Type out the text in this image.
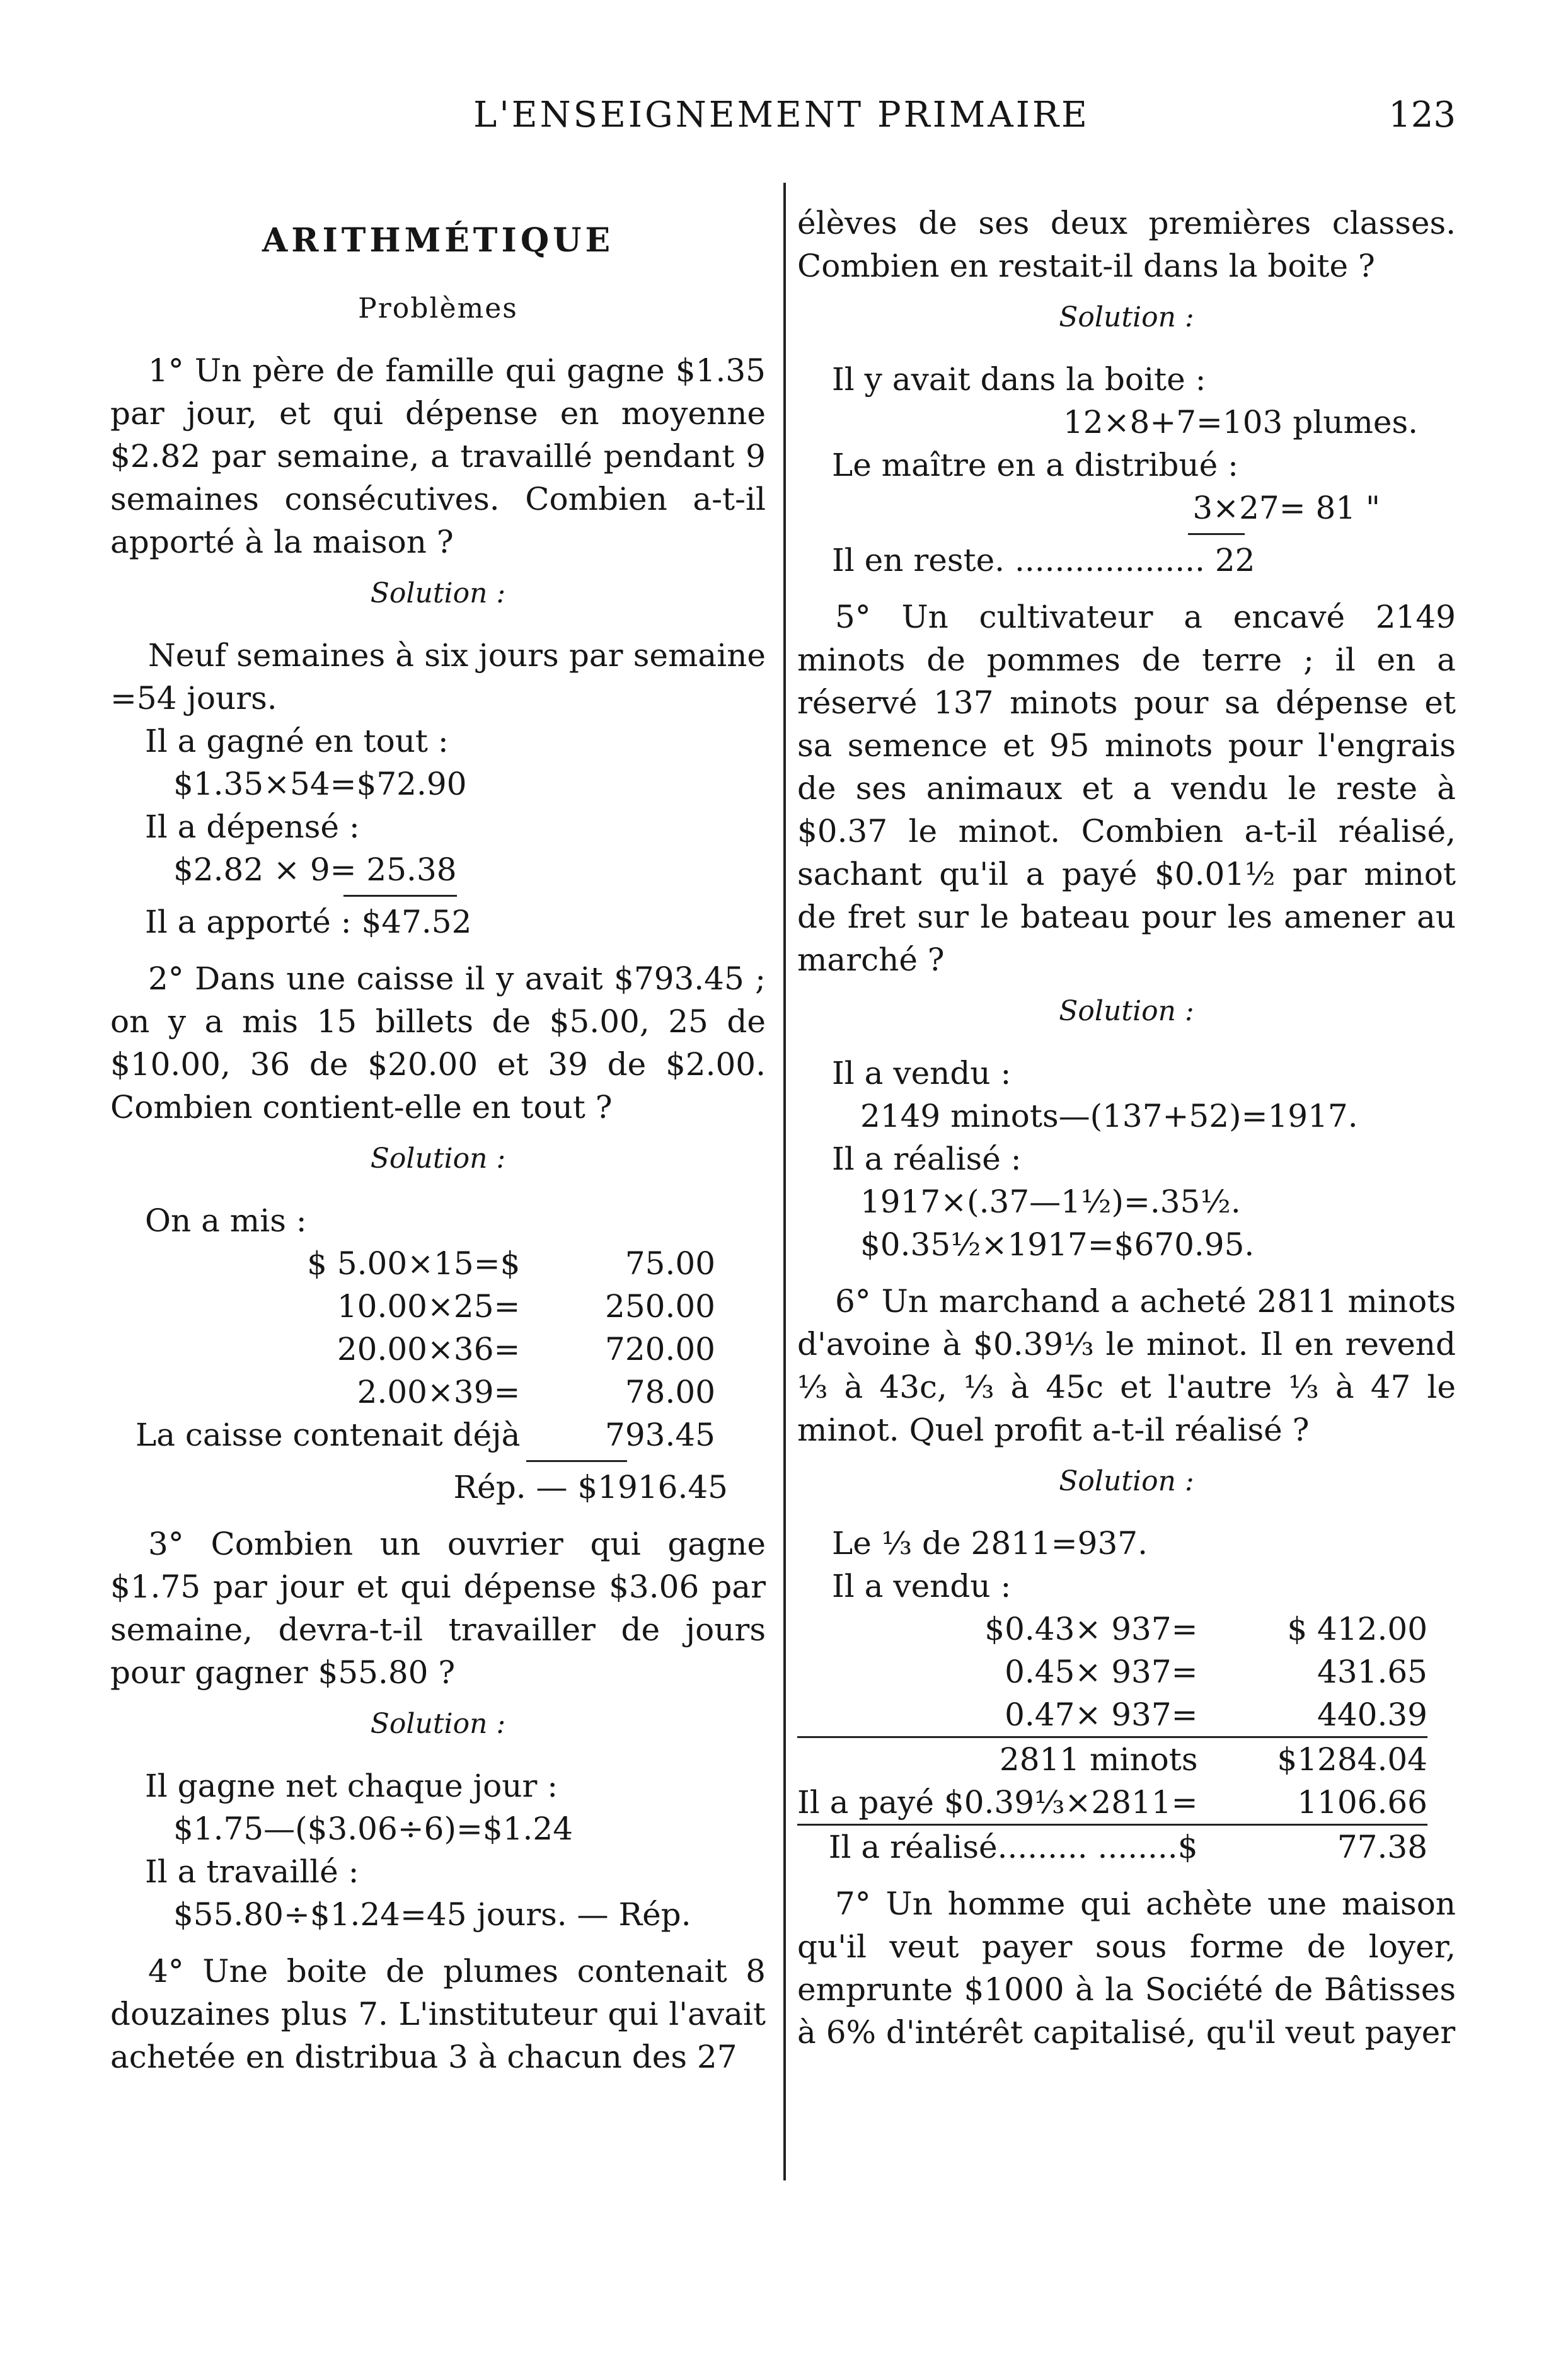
L'ENSEIGNEMENT PRIMAIRE	123

ARITHMÉTIQUE

Problèmes

1° Un père de famille qui gagne $1.35 par jour, et qui dépense en moyenne $2.82 par semaine, a travaillé pendant 9 semaines consécutives. Combien a-t-il apporté à la maison ?

Solution :

Neuf semaines à six jours par semaine =54 jours.

Il a gagné en tout :

$1.35×54=$72.90

Il a dépensé :

$2.82 × 9= 25.38

Il a apporté : $47.52

2° Dans une caisse il y avait $793.45 ; on y a mis 15 billets de $5.00, 25 de $10.00, 36 de $20.00 et 39 de $2.00. Combien contient-elle en tout ?

Solution :

On a mis :

$ 5.00×15=$	75.00
10.00×25=	250.00
20.00×36=	720.00
2.00×39=	78.00
La caisse contenait déjà	793.45

Rép. — $1916.45

3° Combien un ouvrier qui gagne $1.75 par jour et qui dépense $3.06 par semaine, devra-t-il travailler de jours pour gagner $55.80 ?

Solution :

Il gagne net chaque jour :

$1.75—($3.06÷6)=$1.24

Il a travaillé :

$55.80÷$1.24=45 jours. — Rép.

4° Une boite de plumes contenait 8 douzaines plus 7. L'instituteur qui l'avait achetée en distribua 3 à chacun des 27

élèves de ses deux premières classes. Combien en restait-il dans la boite ?

Solution :

Il y avait dans la boite :

12×8+7=103 plumes.

Le maître en a distribué :

3×27= 81 "

Il en reste. ................... 22

5° Un cultivateur a encavé 2149 minots de pommes de terre ; il en a réservé 137 minots pour sa dépense et sa semence et 95 minots pour l'engrais de ses animaux et a vendu le reste à $0.37 le minot. Combien a-t-il réalisé, sachant qu'il a payé $0.01½ par minot de fret sur le bateau pour les amener au marché ?

Solution :

Il a vendu :

2149 minots—(137+52)=1917.

Il a réalisé :

1917×(.37—1½)=.35½.

$0.35½×1917=$670.95.

6° Un marchand a acheté 2811 minots d'avoine à $0.39⅓ le minot. Il en revend ⅓ à 43c, ⅓ à 45c et l'autre ⅓ à 47 le minot. Quel profit a-t-il réalisé ?

Solution :

Le ⅓ de 2811=937.

Il a vendu :

$0.43× 937=	$ 412.00
0.45× 937=	431.65
0.47× 937=	440.39
2811 minots	$1284.04
Il a payé $0.39⅓×2811=	1106.66
Il a réalisé......... ........$	77.38

7° Un homme qui achète une maison qu'il veut payer sous forme de loyer, emprunte $1000 à la Société de Bâtisses à 6% d'intérêt capitalisé, qu'il veut payer
